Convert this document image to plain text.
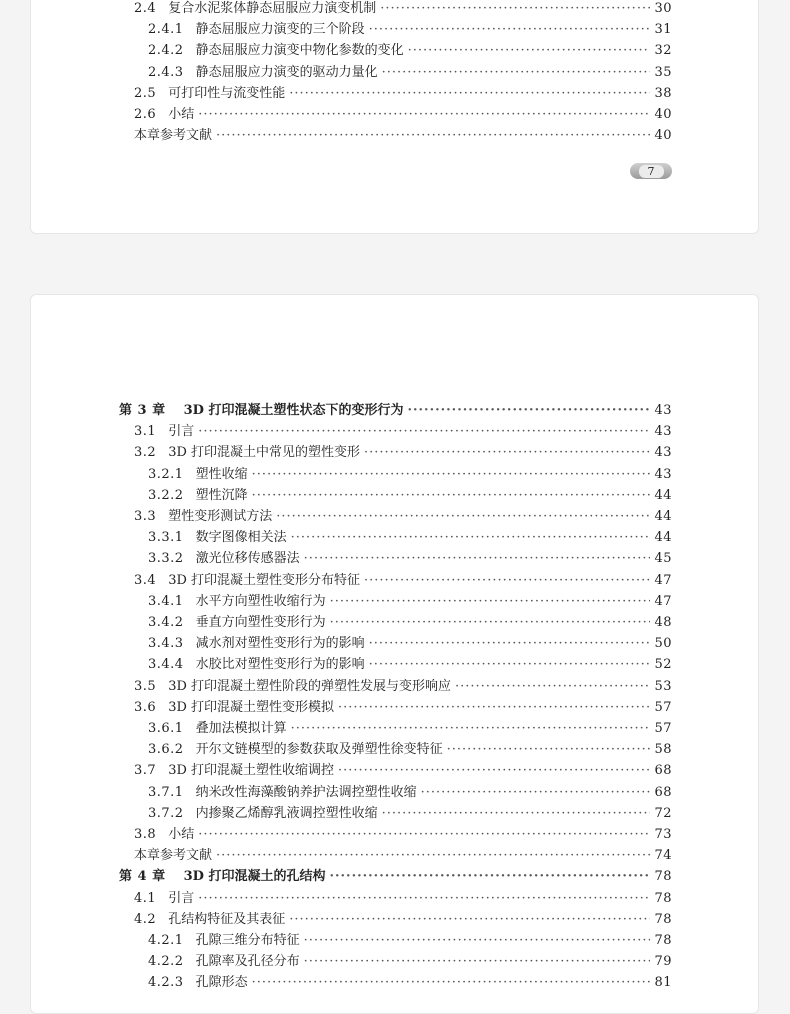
2.4 复合水泥浆体静态屈服应力演变机制 ·····	30
2.4.1 静态屈服应力演变的三个阶段 ·····	31
2.4.2 静态屈服应力演变中物化参数的变化 ·····	32
2.4.3 静态屈服应力演变的驱动力量化 ·····	35
2.5 可打印性与流变性能 ·····	38
2.6 小结 ·····	40
本章参考文献 ·····	40
7
第 3 章	3D 打印混凝土塑性状态下的变形行为 ·····	43
3.1 引言 ·····	43
3.2 3D 打印混凝土中常见的塑性变形 ·····	43
3.2.1 塑性收缩 ·····	43
3.2.2 塑性沉降 ·····	44
3.3 塑性变形测试方法 ·····	44
3.3.1 数字图像相关法 ·····	44
3.3.2 激光位移传感器法 ·····	45
3.4 3D 打印混凝土塑性变形分布特征 ·····	47
3.4.1 水平方向塑性收缩行为 ·····	47
3.4.2 垂直方向塑性变形行为 ·····	48
3.4.3 减水剂对塑性变形行为的影响 ·····	50
3.4.4 水胶比对塑性变形行为的影响 ·····	52
3.5 3D 打印混凝土塑性阶段的弹塑性发展与变形响应 ·····	53
3.6 3D 打印混凝土塑性变形模拟 ·····	57
3.6.1 叠加法模拟计算 ·····	57
3.6.2 开尔文链模型的参数获取及弹塑性徐变特征 ·····	58
3.7 3D 打印混凝土塑性收缩调控 ·····	68
3.7.1 纳米改性海藻酸钠养护法调控塑性收缩 ·····	68
3.7.2 内掺聚乙烯醇乳液调控塑性收缩 ·····	72
3.8 小结 ·····	73
本章参考文献 ·····	74
第 4 章	3D 打印混凝土的孔结构 ·····	78
4.1 引言 ·····	78
4.2 孔结构特征及其表征 ·····	78
4.2.1 孔隙三维分布特征 ·····	78
4.2.2 孔隙率及孔径分布 ·····	79
4.2.3 孔隙形态 ·····	81
